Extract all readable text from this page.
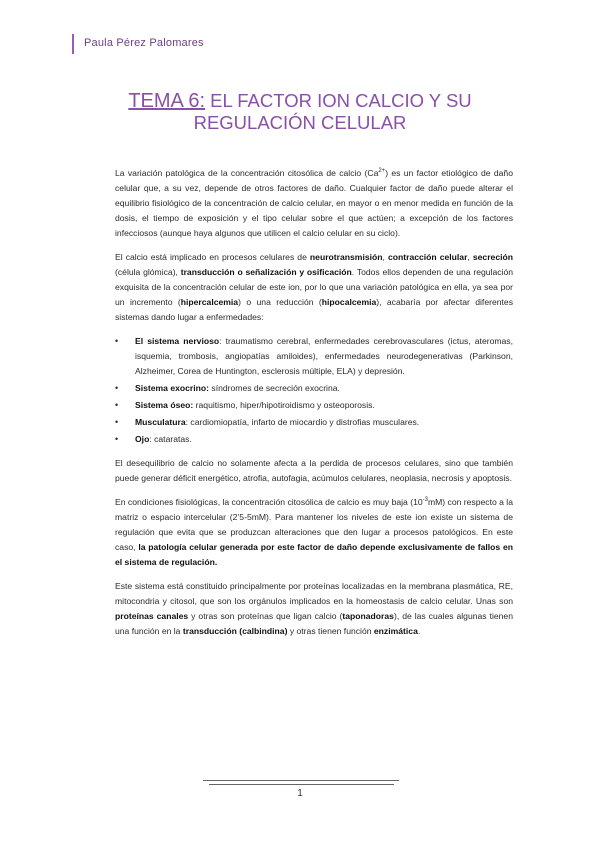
Paula Pérez Palomares
TEMA 6: EL FACTOR ION CALCIO Y SU REGULACIÓN CELULAR

La variación patológica de la concentración citosólica de calcio $(Ca^{2+})$ es un factor etiológico de daño celular que, a su vez, depende de otros factores de daño. Cualquier factor de daño puede alterar el equilibrio fisiológico de la concentración de calcio celular, en mayor o en menor medida en función de la dosis, el tiempo de exposición y el tipo celular sobre el que actúen; a excepción de los factores infecciosos (aunque haya algunos que utilicen el calcio celular en su ciclo).

El calcio está implicado en procesos celulares de neurotransmisión, contracción celular, secreción (célula glómica), transducción o señalización y osificación. Todos ellos dependen de una regulación exquisita de la concentración celular de este ion, por lo que una variación patológica en ella, ya sea por un incremento (hipercalcemia) o una reducción (hipocalcemia), acabaría por afectar diferentes sistemas dando lugar a enfermedades:

• El sistema nervioso: traumatismo cerebral, enfermedades cerebrovasculares (ictus, ateromas, isquemia, trombosis, angiopatías amiloides), enfermedades neurodegenerativas (Parkinson, Alzheimer, Corea de Huntington, esclerosis múltiple, ELA) y depresión.
• Sistema exocrino: síndromes de secreción exocrina.
• Sistema óseo: raquitismo, hiper/hipotiroidismo y osteoporosis.
• Musculatura: cardiomiopatía, infarto de miocardio y distrofias musculares.
• Ojo: cataratas.

El desequilibrio de calcio no solamente afecta a la perdida de procesos celulares, sino que también puede generar déficit energético, atrofia, autofagia, acúmulos celulares, neoplasia, necrosis y apoptosis.

En condiciones fisiológicas, la concentración citosólica de calcio es muy baja $(10^{-3}mM)$ con respecto a la matriz o espacio intercelular (2’5-5mM). Para mantener los niveles de este ion existe un sistema de regulación que evita que se produzcan alteraciones que den lugar a procesos patológicos. En este caso, la patología celular generada por este factor de daño depende exclusivamente de fallos en el sistema de regulación.

Este sistema está constituido principalmente por proteínas localizadas en la membrana plasmática, RE, mitocondria y citosol, que son los orgánulos implicados en la homeostasis de calcio celular. Unas son proteínas canales y otras son proteínas que ligan calcio (taponadoras), de las cuales algunas tienen una función en la transducción (calbindina) y otras tienen función enzimática.

1
